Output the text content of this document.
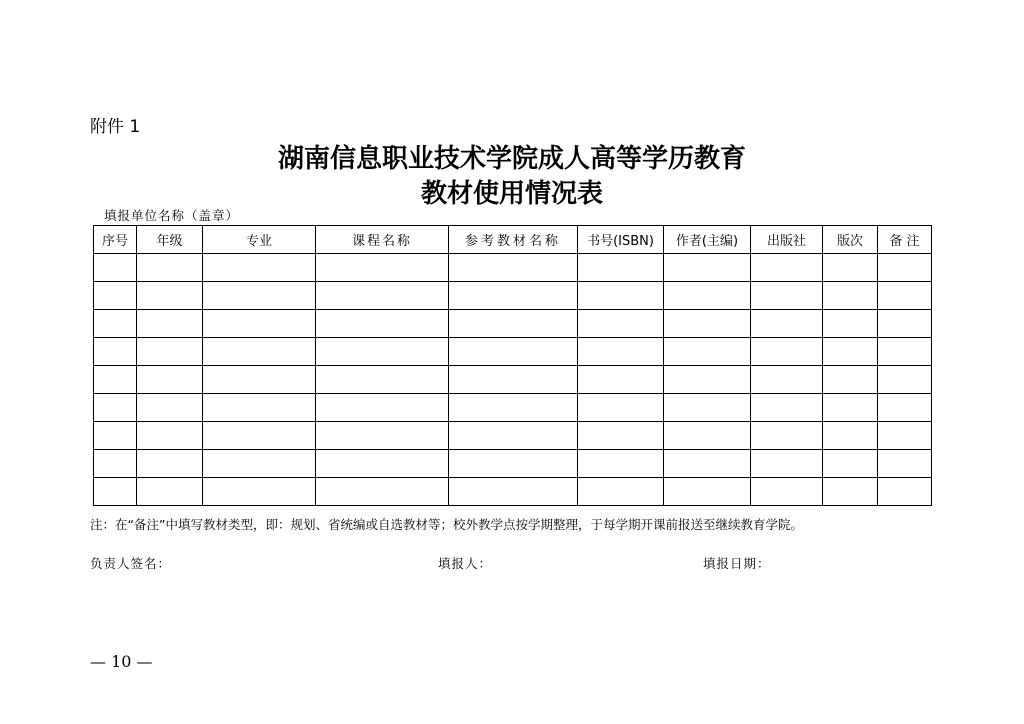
附件 1
湖南信息职业技术学院成人高等学历教育
教材使用情况表
填报单位名称（盖章）
序号	年级	专业	课程名称	参考教材名称	书号(ISBN)	作者(主编)	出版社	版次	备 注

注：在“备注”中填写教材类型，即：规划、省统编或自选教材等；校外教学点按学期整理，于每学期开课前报送至继续教育学院。
负责人签名：	填报人：	填报日期：
— 10 —
